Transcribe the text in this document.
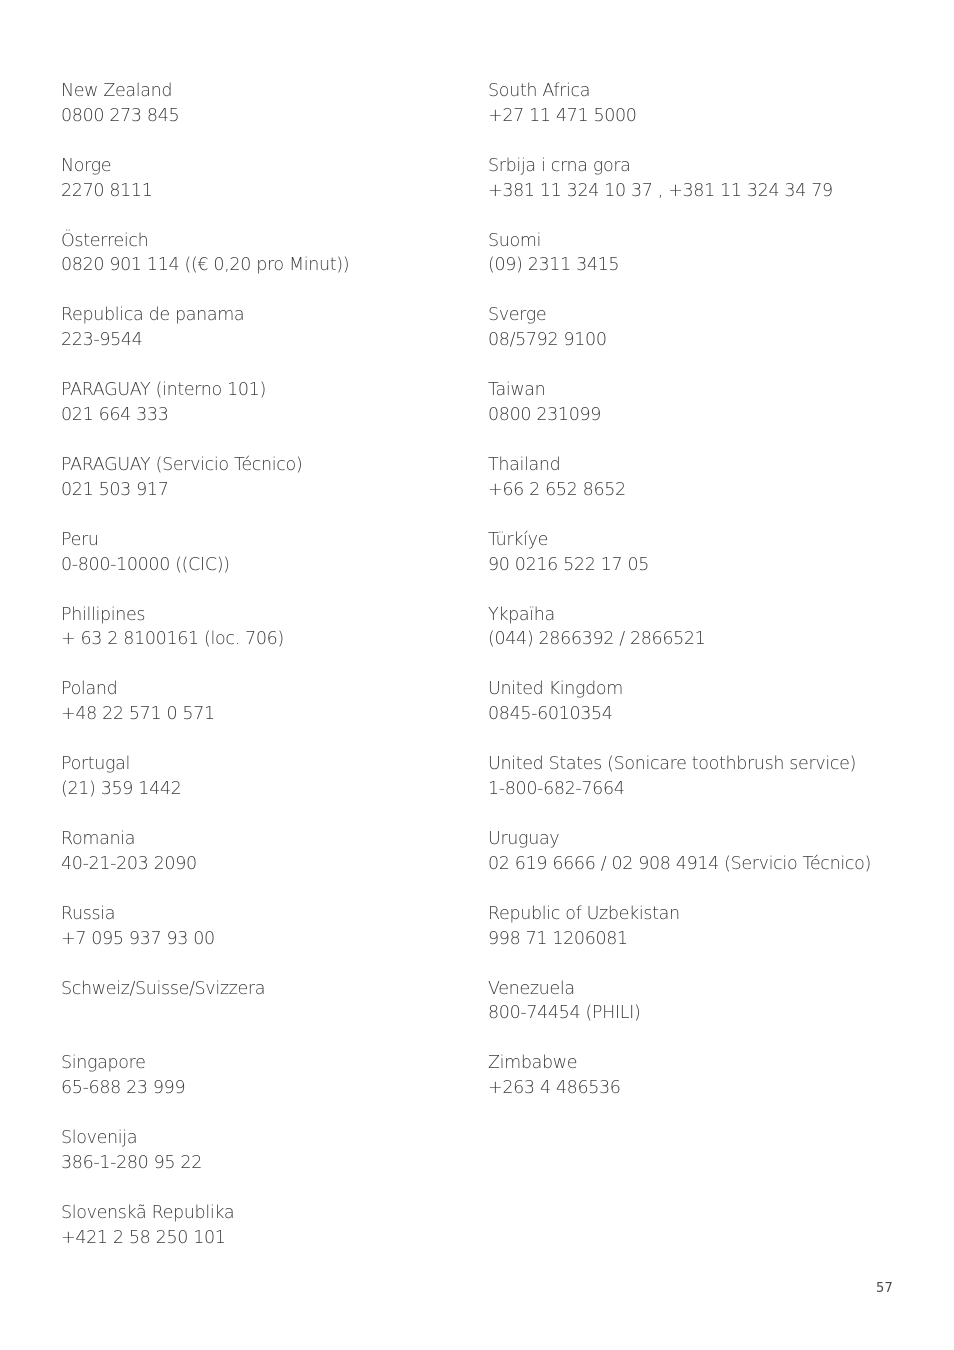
New Zealand
0800 273 845
Norge
2270 8111
Österreich
0820 901 114 ((€ 0,20 pro Minut))
Republica de panama
223-9544
PARAGUAY (interno 101)
021 664 333
PARAGUAY (Servicio Técnico)
021 503 917
Peru
0-800-10000 ((CIC))
Phillipines
+ 63 2 8100161 (loc. 706)
Poland
+48 22 571 0 571
Portugal
(21) 359 1442
Romania
40-21-203 2090
Russia
+7 095 937 93 00
Schweiz/Suisse/Svizzera
Singapore
65-688 23 999
Slovenija
386-1-280 95 22
Slovenskã Republika
+421 2 58 250 101
South Africa
+27 11 471 5000
Srbija i crna gora
+381 11 324 10 37 , +381 11 324 34 79
Suomi
(09) 2311 3415
Sverge
08/5792 9100
Taiwan
0800 231099
Thailand
+66 2 652 8652
Türkíye
90 0216 522 17 05
Ykpaïha
(044) 2866392 / 2866521
United Kingdom
0845-6010354
United States (Sonicare toothbrush service)
1-800-682-7664
Uruguay
02 619 6666 / 02 908 4914 (Servicio Técnico)
Republic of Uzbekistan
998 71 1206081
Venezuela
800-74454 (PHILI)
Zimbabwe
+263 4 486536
57
